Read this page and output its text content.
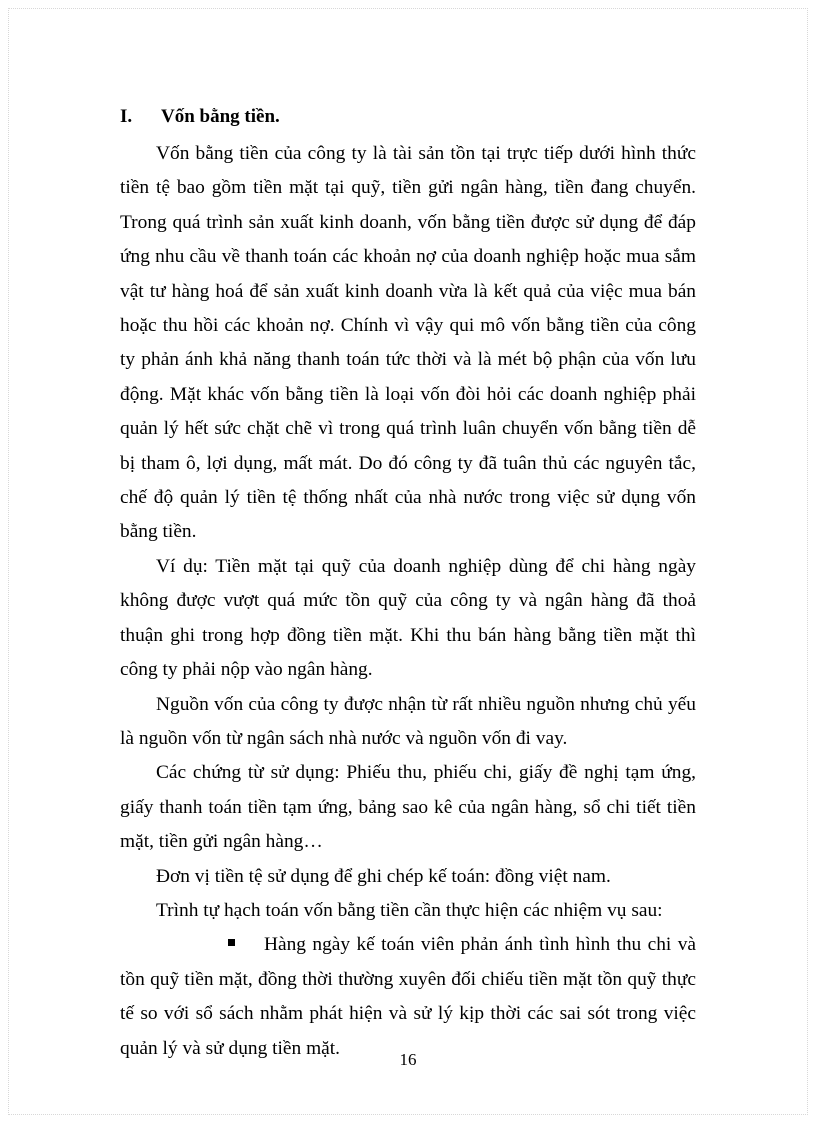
I.	Vốn bằng tiền.

Vốn bằng tiền của công ty là tài sản tồn tại trực tiếp dưới hình thức tiền tệ bao gồm tiền mặt tại quỹ, tiền gửi ngân hàng, tiền đang chuyển. Trong quá trình sản xuất kinh doanh, vốn bằng tiền được sử dụng để đáp ứng nhu cầu về thanh toán các khoản nợ của doanh nghiệp hoặc mua sắm vật tư hàng hoá để sản xuất kinh doanh vừa là kết quả của việc mua bán hoặc thu hồi các khoản nợ. Chính vì vậy qui mô vốn bằng tiền của công ty phản ánh khả năng thanh toán tức thời và là mét bộ phận của vốn lưu động. Mặt khác vốn bằng tiền là loại vốn đòi hỏi các doanh nghiệp phải quản lý hết sức chặt chẽ vì trong quá trình luân chuyển vốn bằng tiền dễ bị tham ô, lợi dụng, mất mát. Do đó công ty đã tuân thủ các nguyên tắc, chế độ quản lý tiền tệ thống nhất của nhà nước trong việc sử dụng vốn bằng tiền.

Ví dụ: Tiền mặt tại quỹ của doanh nghiệp dùng để chi hàng ngày không được vượt quá mức tồn quỹ của công ty và ngân hàng đã thoả thuận ghi trong hợp đồng tiền mặt. Khi thu bán hàng bằng tiền mặt thì công ty phải nộp vào ngân hàng.

Nguồn vốn của công ty được nhận từ rất nhiều nguồn nhưng chủ yếu là nguồn vốn từ ngân sách nhà nước và nguồn vốn đi vay.

Các chứng từ sử dụng: Phiếu thu, phiếu chi, giấy đề nghị tạm ứng, giấy thanh toán tiền tạm ứng, bảng sao kê của ngân hàng, sổ chi tiết tiền mặt, tiền gửi ngân hàng…

Đơn vị tiền tệ sử dụng để ghi chép kế toán: đồng việt nam.

Trình tự hạch toán vốn bằng tiền cần thực hiện các nhiệm vụ sau:

Hàng ngày kế toán viên phản ánh tình hình thu chi và tồn quỹ tiền mặt, đồng thời thường xuyên đối chiếu tiền mặt tồn quỹ thực tế so với sổ sách nhằm phát hiện và sử lý kịp thời các sai sót trong việc quản lý và sử dụng tiền mặt.
16
